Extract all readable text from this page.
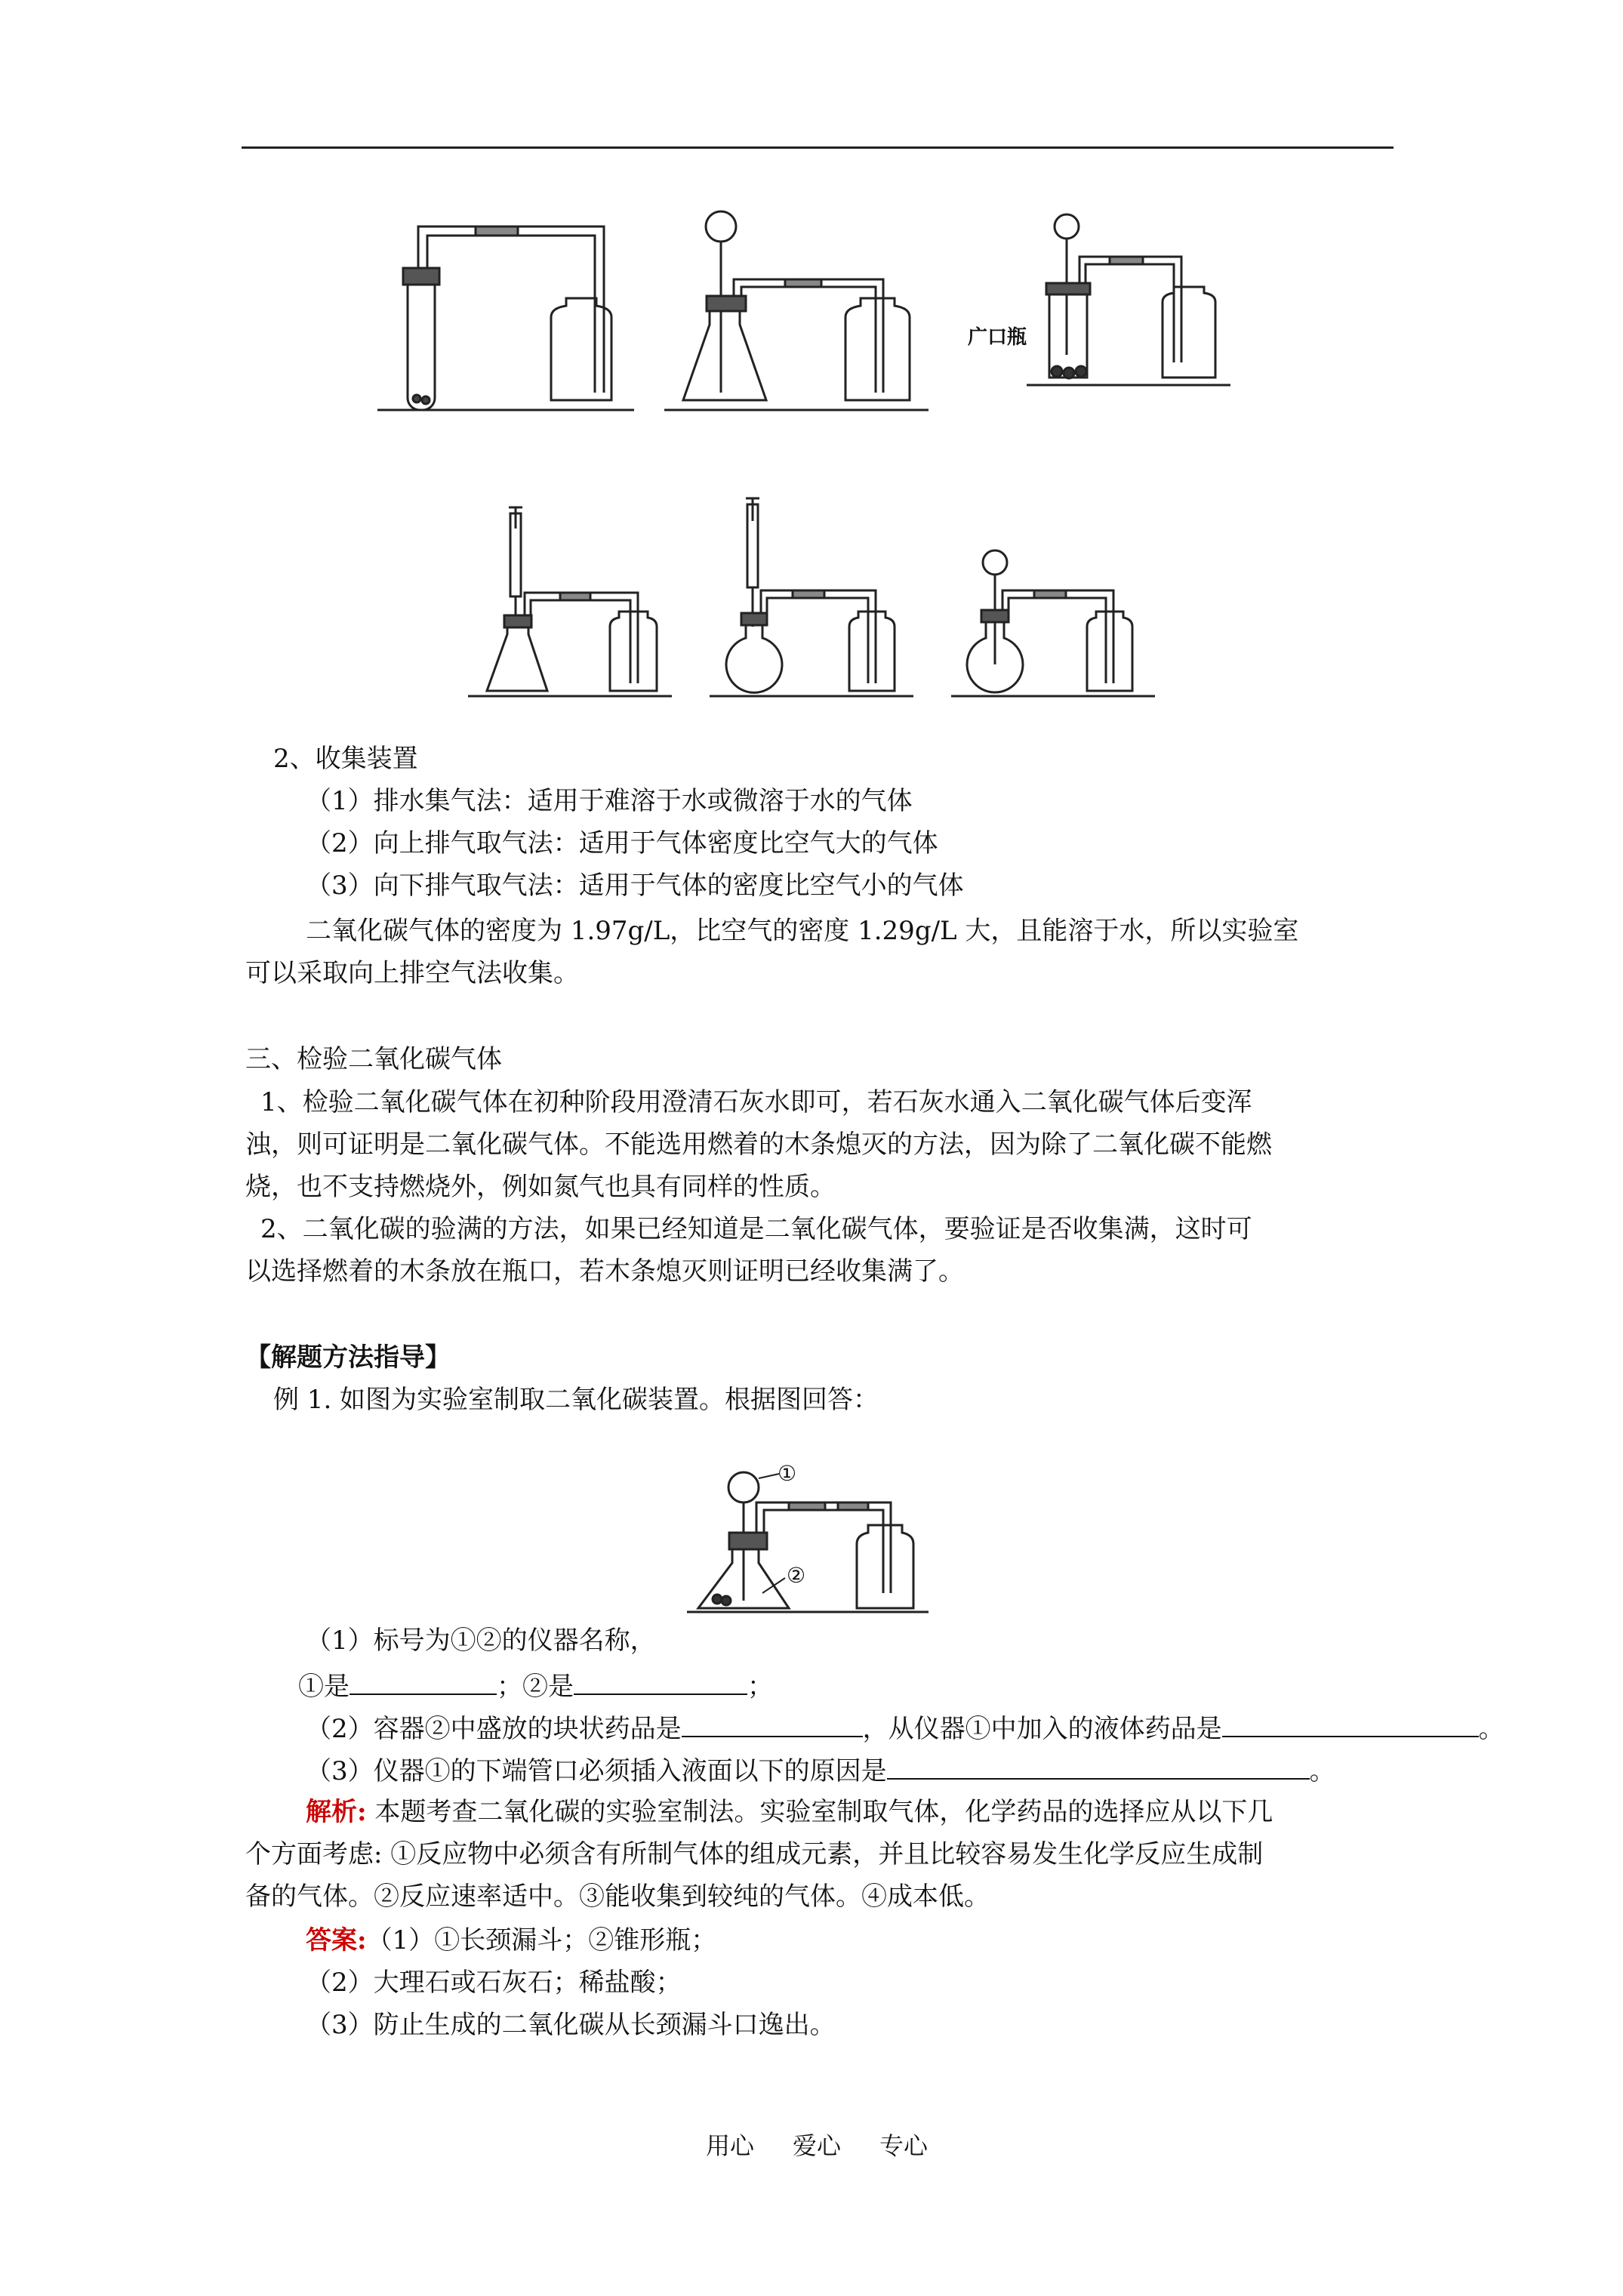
广口瓶
①
②
2、收集装置
（1）排水集气法：适用于难溶于水或微溶于水的气体
（2）向上排气取气法：适用于气体密度比空气大的气体
（3）向下排气取气法：适用于气体的密度比空气小的气体
二氧化碳气体的密度为 1.97g/L，比空气的密度 1.29g/L 大，且能溶于水，所以实验室
可以采取向上排空气法收集。
三、检验二氧化碳气体
1、检验二氧化碳气体在初种阶段用澄清石灰水即可，若石灰水通入二氧化碳气体后变浑
浊，则可证明是二氧化碳气体。不能选用燃着的木条熄灭的方法，因为除了二氧化碳不能燃
烧，也不支持燃烧外，例如氮气也具有同样的性质。
2、二氧化碳的验满的方法，如果已经知道是二氧化碳气体，要验证是否收集满，这时可
以选择燃着的木条放在瓶口，若木条熄灭则证明已经收集满了。
【解题方法指导】
例 1. 如图为实验室制取二氧化碳装置。根据图回答：
（1）标号为①②的仪器名称，
①是	；②是	；
（2）容器②中盛放的块状药品是	，从仪器①中加入的液体药品是	。
（3）仪器①的下端管口必须插入液面以下的原因是	。
解析: 本题考查二氧化碳的实验室制法。实验室制取气体，化学药品的选择应从以下几
个方面考虑: ①反应物中必须含有所制气体的组成元素，并且比较容易发生化学反应生成制
备的气体。②反应速率适中。③能收集到较纯的气体。④成本低。
答案:（1）①长颈漏斗；②锥形瓶；
（2）大理石或石灰石；稀盐酸；
（3）防止生成的二氧化碳从长颈漏斗口逸出。
用心 爱心 专心
